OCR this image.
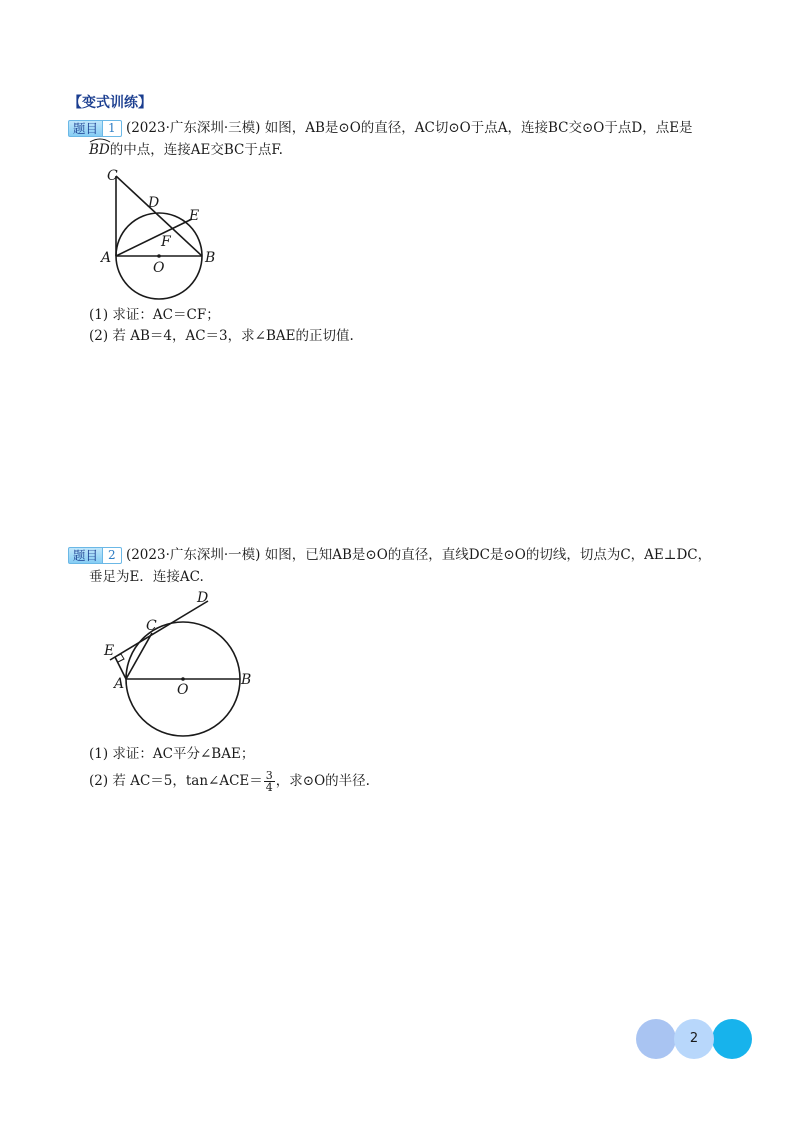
【变式训练】
题目 1 (2023·广东深圳·三模) 如图，AB是⊙O的直径，AC切⊙O于点A，连接BC交⊙O于点D，点E是
BD的中点，连接AE交BC于点F.
C
D
E
F
A
O
B
(1) 求证：AC＝CF；
(2) 若 AB＝4，AC＝3，求∠BAE的正切值.
题目 2 (2023·广东深圳·一模) 如图，已知AB是⊙O的直径，直线DC是⊙O的切线，切点为C，AE⊥DC，
垂足为E．连接AC.
D
C
E
A	O
B
(1) 求证：AC平分∠BAE；
(2) 若 AC＝5，tan∠ACE＝ $\frac{3}{4}$ ，求⊙O的半径.
2
